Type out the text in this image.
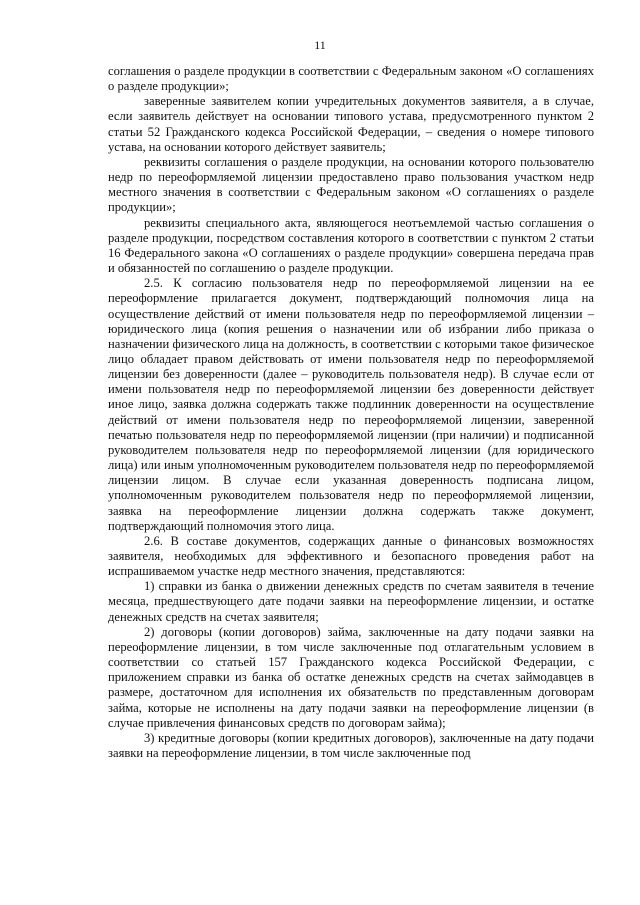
11

соглашения о разделе продукции в соответствии с Федеральным законом «О соглашениях о разделе продукции»;

заверенные заявителем копии учредительных документов заявителя, а в случае, если заявитель действует на основании типового устава, предусмотренного пунктом 2 статьи 52 Гражданского кодекса Российской Федерации, – сведения о номере типового устава, на основании которого действует заявитель;

реквизиты соглашения о разделе продукции, на основании которого пользователю недр по переоформляемой лицензии предоставлено право пользования участком недр местного значения в соответствии с Федеральным законом «О соглашениях о разделе продукции»;

реквизиты специального акта, являющегося неотъемлемой частью соглашения о разделе продукции, посредством составления которого в соответствии с пунктом 2 статьи 16 Федерального закона «О соглашениях о разделе продукции» совершена передача прав и обязанностей по соглашению о разделе продукции.

2.5. К согласию пользователя недр по переоформляемой лицензии на ее переоформление прилагается документ, подтверждающий полномочия лица на осуществление действий от имени пользователя недр по переоформляемой лицензии – юридического лица (копия решения о назначении или об избрании либо приказа о назначении физического лица на должность, в соответствии с которыми такое физическое лицо обладает правом действовать от имени пользователя недр по переоформляемой лицензии без доверенности (далее – руководитель пользователя недр). В случае если от имени пользователя недр по переоформляемой лицензии без доверенности действует иное лицо, заявка должна содержать также подлинник доверенности на осуществление действий от имени пользователя недр по переоформляемой лицензии, заверенной печатью пользователя недр по переоформляемой лицензии (при наличии) и подписанной руководителем пользователя недр по переоформляемой лицензии (для юридического лица) или иным уполномоченным руководителем пользователя недр по переоформляемой лицензии лицом. В случае если указанная доверенность подписана лицом, уполномоченным руководителем пользователя недр по переоформляемой лицензии, заявка на переоформление лицензии должна содержать также документ, подтверждающий полномочия этого лица.

2.6. В составе документов, содержащих данные о финансовых возможностях заявителя, необходимых для эффективного и безопасного проведения работ на испрашиваемом участке недр местного значения, представляются:

1) справки из банка о движении денежных средств по счетам заявителя в течение месяца, предшествующего дате подачи заявки на переоформление лицензии, и остатке денежных средств на счетах заявителя;

2) договоры (копии договоров) займа, заключенные на дату подачи заявки на переоформление лицензии, в том числе заключенные под отлагательным условием в соответствии со статьей 157 Гражданского кодекса Российской Федерации, с приложением справки из банка об остатке денежных средств на счетах займодавцев в размере, достаточном для исполнения их обязательств по представленным договорам займа, которые не исполнены на дату подачи заявки на переоформление лицензии (в случае привлечения финансовых средств по договорам займа);

3) кредитные договоры (копии кредитных договоров), заключенные на дату подачи заявки на переоформление лицензии, в том числе заключенные под
